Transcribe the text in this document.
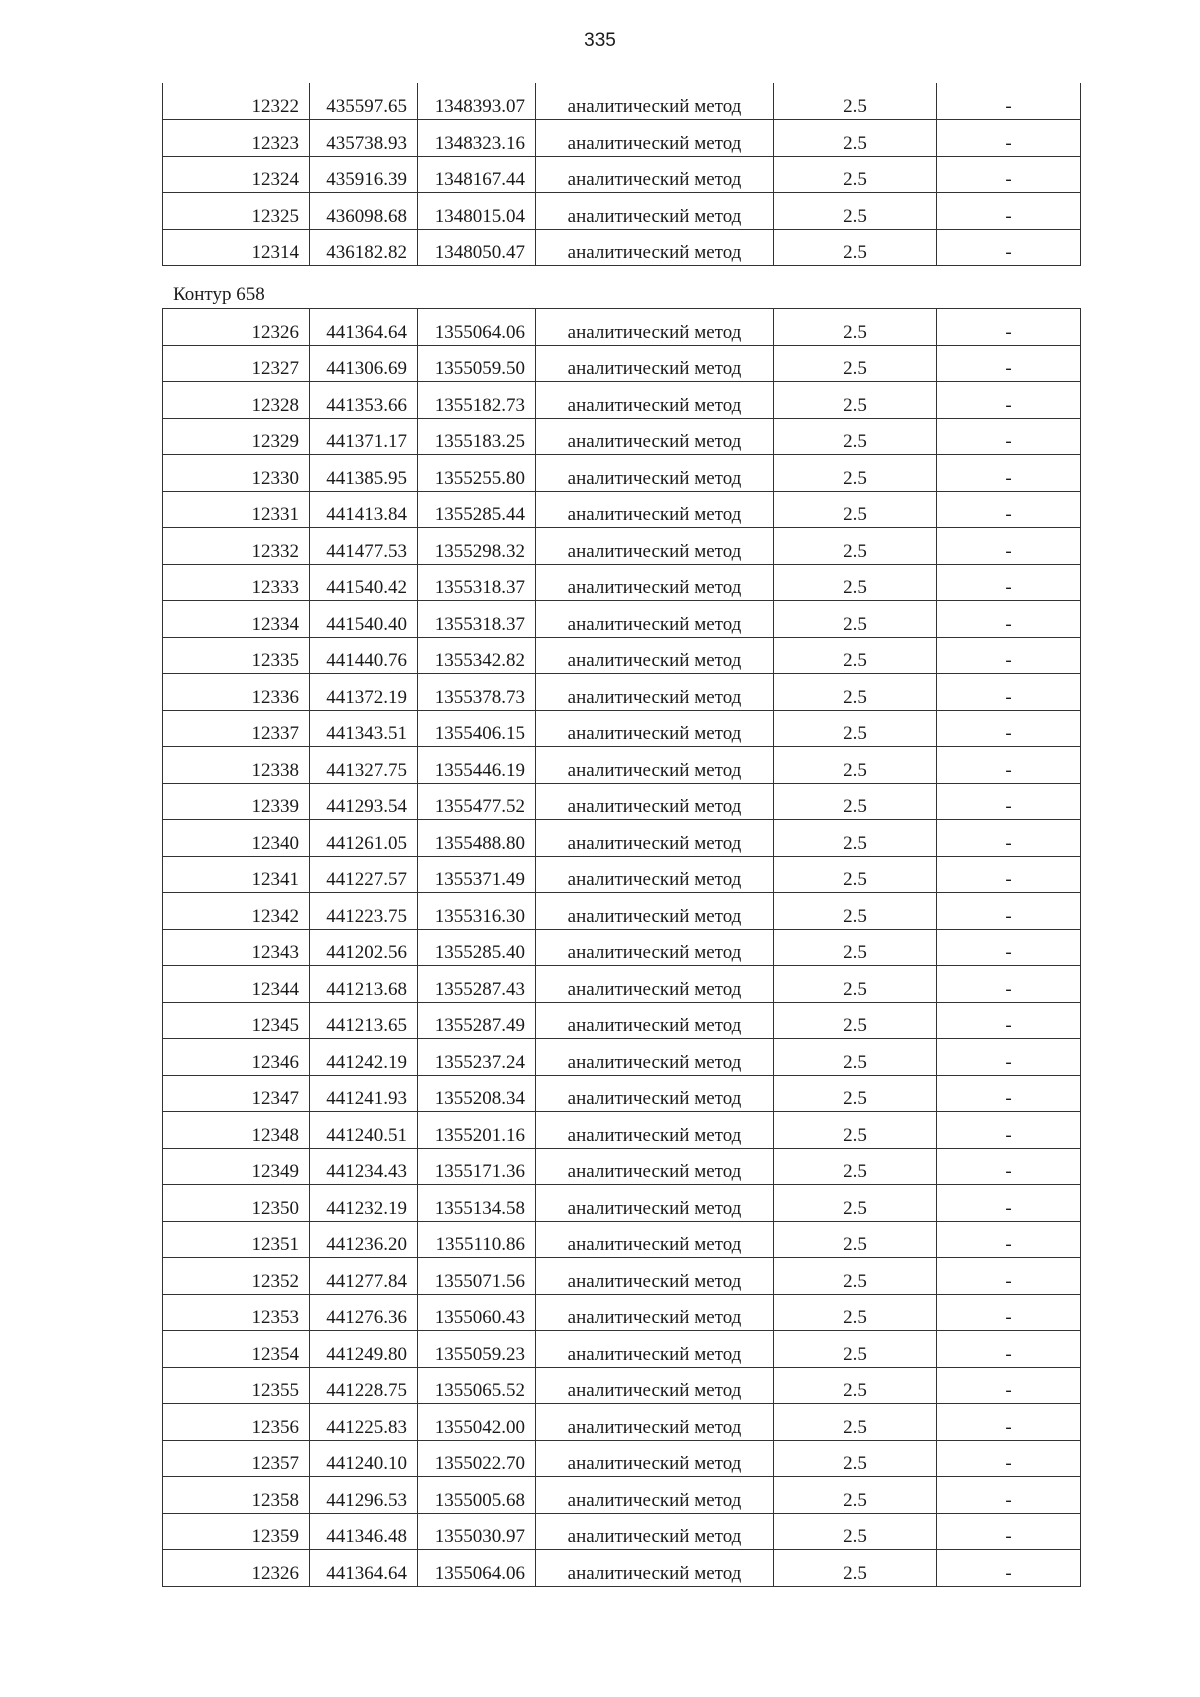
335
12322	435597.65	1348393.07	аналитический метод	2.5	-
12323	435738.93	1348323.16	аналитический метод	2.5	-
12324	435916.39	1348167.44	аналитический метод	2.5	-
12325	436098.68	1348015.04	аналитический метод	2.5	-
12314	436182.82	1348050.47	аналитический метод	2.5	-
Контур 658
12326	441364.64	1355064.06	аналитический метод	2.5	-
12327	441306.69	1355059.50	аналитический метод	2.5	-
12328	441353.66	1355182.73	аналитический метод	2.5	-
12329	441371.17	1355183.25	аналитический метод	2.5	-
12330	441385.95	1355255.80	аналитический метод	2.5	-
12331	441413.84	1355285.44	аналитический метод	2.5	-
12332	441477.53	1355298.32	аналитический метод	2.5	-
12333	441540.42	1355318.37	аналитический метод	2.5	-
12334	441540.40	1355318.37	аналитический метод	2.5	-
12335	441440.76	1355342.82	аналитический метод	2.5	-
12336	441372.19	1355378.73	аналитический метод	2.5	-
12337	441343.51	1355406.15	аналитический метод	2.5	-
12338	441327.75	1355446.19	аналитический метод	2.5	-
12339	441293.54	1355477.52	аналитический метод	2.5	-
12340	441261.05	1355488.80	аналитический метод	2.5	-
12341	441227.57	1355371.49	аналитический метод	2.5	-
12342	441223.75	1355316.30	аналитический метод	2.5	-
12343	441202.56	1355285.40	аналитический метод	2.5	-
12344	441213.68	1355287.43	аналитический метод	2.5	-
12345	441213.65	1355287.49	аналитический метод	2.5	-
12346	441242.19	1355237.24	аналитический метод	2.5	-
12347	441241.93	1355208.34	аналитический метод	2.5	-
12348	441240.51	1355201.16	аналитический метод	2.5	-
12349	441234.43	1355171.36	аналитический метод	2.5	-
12350	441232.19	1355134.58	аналитический метод	2.5	-
12351	441236.20	1355110.86	аналитический метод	2.5	-
12352	441277.84	1355071.56	аналитический метод	2.5	-
12353	441276.36	1355060.43	аналитический метод	2.5	-
12354	441249.80	1355059.23	аналитический метод	2.5	-
12355	441228.75	1355065.52	аналитический метод	2.5	-
12356	441225.83	1355042.00	аналитический метод	2.5	-
12357	441240.10	1355022.70	аналитический метод	2.5	-
12358	441296.53	1355005.68	аналитический метод	2.5	-
12359	441346.48	1355030.97	аналитический метод	2.5	-
12326	441364.64	1355064.06	аналитический метод	2.5	-
